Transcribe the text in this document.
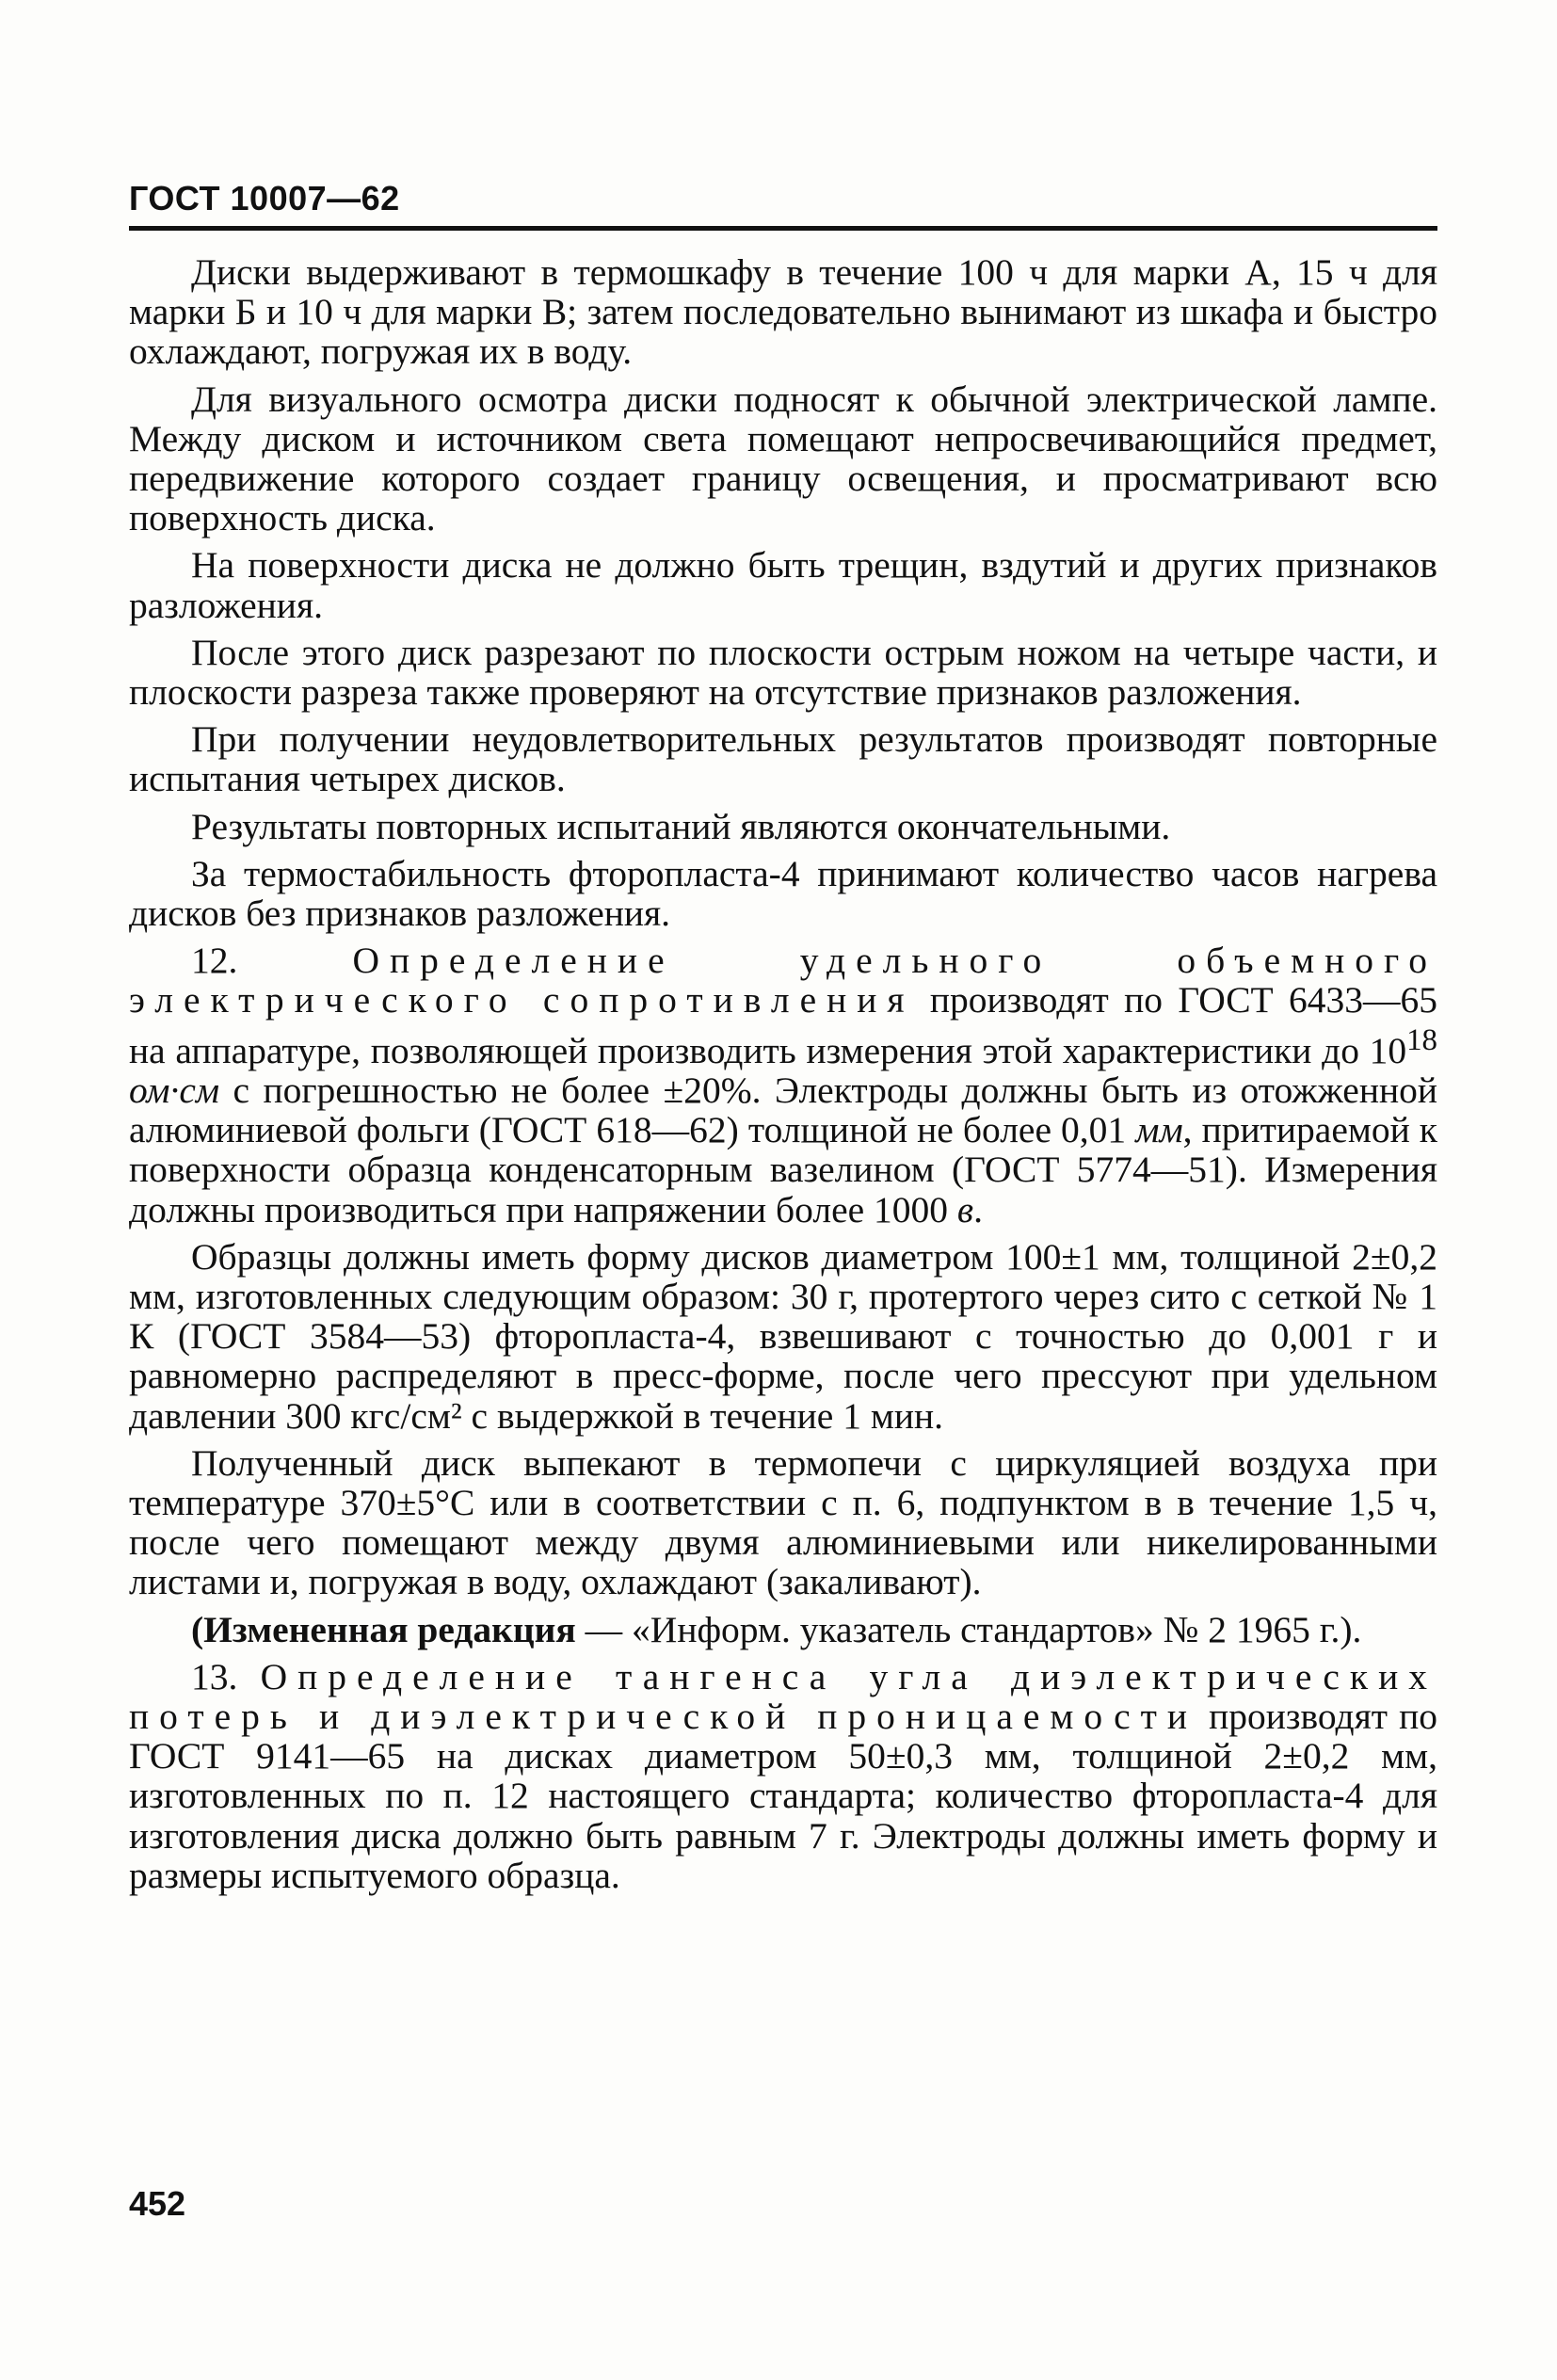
ГОСТ 10007—62

Диски выдерживают в термошкафу в течение 100 ч для марки А, 15 ч для марки Б и 10 ч для марки В; затем последовательно вынимают из шкафа и быстро охлаждают, погружая их в воду.

Для визуального осмотра диски подносят к обычной электрической лампе. Между диском и источником света помещают непросвечивающийся предмет, передвижение которого создает границу освещения, и просматривают всю поверхность диска.

На поверхности диска не должно быть трещин, вздутий и других признаков разложения.

После этого диск разрезают по плоскости острым ножом на четыре части, и плоскости разреза также проверяют на отсутствие признаков разложения.

При получении неудовлетворительных результатов производят повторные испытания четырех дисков.

Результаты повторных испытаний являются окончательными.

За термостабильность фторопласта-4 принимают количество часов нагрева дисков без признаков разложения.

12. Определение удельного объемного электрического сопротивления производят по ГОСТ 6433—65 на аппаратуре, позволяющей производить измерения этой характеристики до $10^{18}$ ом·см с погрешностью не более ±20%. Электроды должны быть из отожженной алюминиевой фольги (ГОСТ 618—62) толщиной не более 0,01 мм, притираемой к поверхности образца конденсаторным вазелином (ГОСТ 5774—51). Измерения должны производиться при напряжении более 1000 в.

Образцы должны иметь форму дисков диаметром 100±1 мм, толщиной 2±0,2 мм, изготовленных следующим образом: 30 г, протертого через сито с сеткой № 1 К (ГОСТ 3584—53) фторопласта-4, взвешивают с точностью до 0,001 г и равномерно распределяют в пресс-форме, после чего прессуют при удельном давлении 300 кгс/см² с выдержкой в течение 1 мин.

Полученный диск выпекают в термопечи с циркуляцией воздуха при температуре 370±5°C или в соответствии с п. 6, подпунктом в в течение 1,5 ч, после чего помещают между двумя алюминиевыми или никелированными листами и, погружая в воду, охлаждают (закаливают).

(Измененная редакция — «Информ. указатель стандартов» № 2 1965 г.).

13. Определение тангенса угла диэлектрических потерь и диэлектрической проницаемости производят по ГОСТ 9141—65 на дисках диаметром 50±0,3 мм, толщиной 2±0,2 мм, изготовленных по п. 12 настоящего стандарта; количество фторопласта-4 для изготовления диска должно быть равным 7 г. Электроды должны иметь форму и размеры испытуемого образца.

452
